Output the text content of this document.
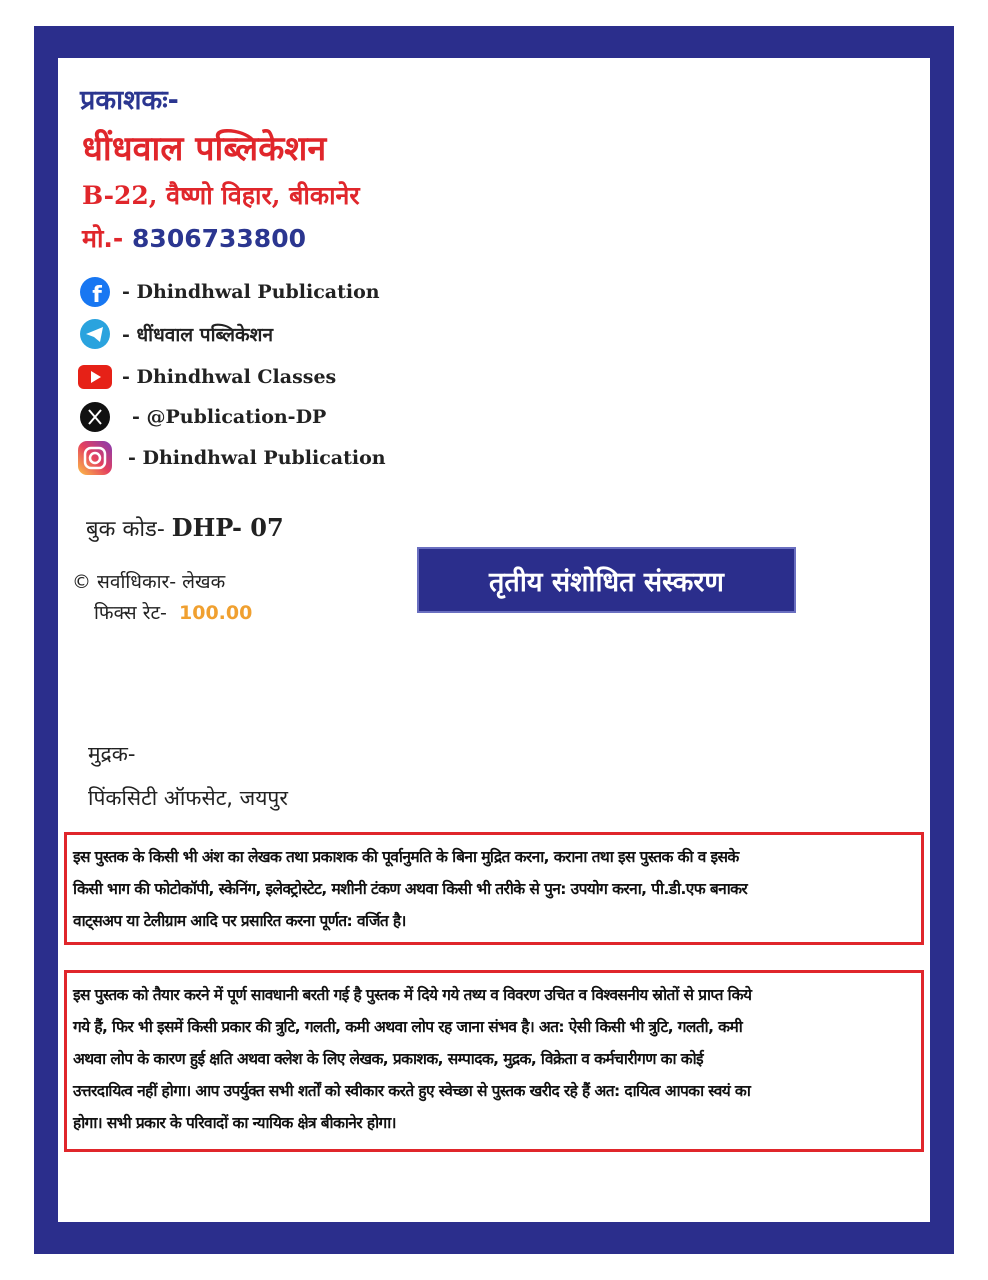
प्रकाशकः-
धींधवाल पब्लिकेशन
B-22, वैष्णो विहार, बीकानेर
मो.- 8306733800
f - Dhindhwal Publication
- धींधवाल पब्लिकेशन
- Dhindhwal Classes
- @Publication-DP
- Dhindhwal Publication
बुक कोड- DHP- 07
© सर्वाधिकार- लेखक
फिक्स रेट- 100.00
तृतीय संशोधित संस्करण
मुद्रक-
पिंकसिटी ऑफसेट, जयपुर
इस पुस्तक के किसी भी अंश का लेखक तथा प्रकाशक की पूर्वानुमति के बिना मुद्रित करना, कराना तथा इस पुस्तक की व इसके
किसी भाग की फोटोकॉपी, स्केनिंग, इलेक्ट्रोस्टेट, मशीनी टंकण अथवा किसी भी तरीके से पुन: उपयोग करना, पी.डी.एफ बनाकर
वाट्सअप या टेलीग्राम आदि पर प्रसारित करना पूर्णत: वर्जित है।
इस पुस्तक को तैयार करने में पूर्ण सावधानी बरती गई है पुस्तक में दिये गये तथ्य व विवरण उचित व विश्वसनीय स्रोतों से प्राप्त किये
गये हैं, फिर भी इसमें किसी प्रकार की त्रुटि, गलती, कमी अथवा लोप रह जाना संभव है। अत: ऐसी किसी भी त्रुटि, गलती, कमी
अथवा लोप के कारण हुई क्षति अथवा क्लेश के लिए लेखक, प्रकाशक, सम्पादक, मुद्रक, विक्रेता व कर्मचारीगण का कोई
उत्तरदायित्व नहीं होगा। आप उपर्युक्त सभी शर्तों को स्वीकार करते हुए स्वेच्छा से पुस्तक खरीद रहे हैं अत: दायित्व आपका स्वयं का
होगा। सभी प्रकार के परिवादों का न्यायिक क्षेत्र बीकानेर होगा।
